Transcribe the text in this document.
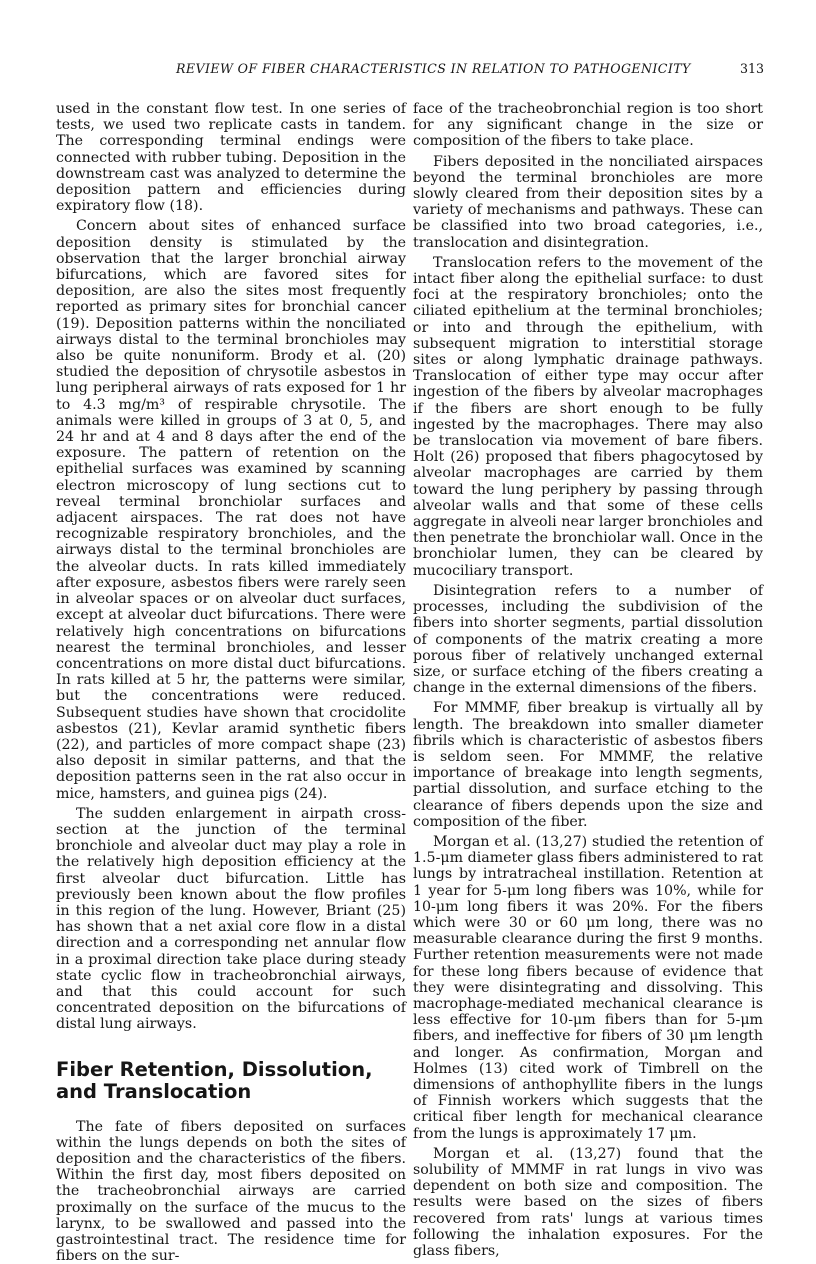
REVIEW OF FIBER CHARACTERISTICS IN RELATION TO PATHOGENICITY	313

used in the constant flow test. In one series of tests, we used two replicate casts in tandem. The corresponding terminal endings were connected with rubber tubing. Deposition in the downstream cast was analyzed to determine the deposition pattern and efficiencies during expiratory flow (18).

Concern about sites of enhanced surface deposition density is stimulated by the observation that the larger bronchial airway bifurcations, which are favored sites for deposition, are also the sites most frequently reported as primary sites for bronchial cancer (19). Deposition patterns within the nonciliated airways distal to the terminal bronchioles may also be quite nonuniform. Brody et al. (20) studied the deposition of chrysotile asbestos in lung peripheral airways of rats exposed for 1 hr to 4.3 mg/m³ of respirable chrysotile. The animals were killed in groups of 3 at 0, 5, and 24 hr and at 4 and 8 days after the end of the exposure. The pattern of retention on the epithelial surfaces was examined by scanning electron microscopy of lung sections cut to reveal terminal bronchiolar surfaces and adjacent airspaces. The rat does not have recognizable respiratory bronchioles, and the airways distal to the terminal bronchioles are the alveolar ducts. In rats killed immediately after exposure, asbestos fibers were rarely seen in alveolar spaces or on alveolar duct surfaces, except at alveolar duct bifurcations. There were relatively high concentrations on bifurcations nearest the terminal bronchioles, and lesser concentrations on more distal duct bifurcations. In rats killed at 5 hr, the patterns were similar, but the concentrations were reduced. Subsequent studies have shown that crocidolite asbestos (21), Kevlar aramid synthetic fibers (22), and particles of more compact shape (23) also deposit in similar patterns, and that the deposition patterns seen in the rat also occur in mice, hamsters, and guinea pigs (24).

The sudden enlargement in airpath cross-section at the junction of the terminal bronchiole and alveolar duct may play a role in the relatively high deposition efficiency at the first alveolar duct bifurcation. Little has previously been known about the flow profiles in this region of the lung. However, Briant (25) has shown that a net axial core flow in a distal direction and a corresponding net annular flow in a proximal direction take place during steady state cyclic flow in tracheobronchial airways, and that this could account for such concentrated deposition on the bifurcations of distal lung airways.

Fiber Retention, Dissolution, and Translocation

The fate of fibers deposited on surfaces within the lungs depends on both the sites of deposition and the characteristics of the fibers. Within the first day, most fibers deposited on the tracheobronchial airways are carried proximally on the surface of the mucus to the larynx, to be swallowed and passed into the gastrointestinal tract. The residence time for fibers on the sur-

face of the tracheobronchial region is too short for any significant change in the size or composition of the fibers to take place.

Fibers deposited in the nonciliated airspaces beyond the terminal bronchioles are more slowly cleared from their deposition sites by a variety of mechanisms and pathways. These can be classified into two broad categories, i.e., translocation and disintegration.

Translocation refers to the movement of the intact fiber along the epithelial surface: to dust foci at the respiratory bronchioles; onto the ciliated epithelium at the terminal bronchioles; or into and through the epithelium, with subsequent migration to interstitial storage sites or along lymphatic drainage pathways. Translocation of either type may occur after ingestion of the fibers by alveolar macrophages if the fibers are short enough to be fully ingested by the macrophages. There may also be translocation via movement of bare fibers. Holt (26) proposed that fibers phagocytosed by alveolar macrophages are carried by them toward the lung periphery by passing through alveolar walls and that some of these cells aggregate in alveoli near larger bronchioles and then penetrate the bronchiolar wall. Once in the bronchiolar lumen, they can be cleared by mucociliary transport.

Disintegration refers to a number of processes, including the subdivision of the fibers into shorter segments, partial dissolution of components of the matrix creating a more porous fiber of relatively unchanged external size, or surface etching of the fibers creating a change in the external dimensions of the fibers.

For MMMF, fiber breakup is virtually all by length. The breakdown into smaller diameter fibrils which is characteristic of asbestos fibers is seldom seen. For MMMF, the relative importance of breakage into length segments, partial dissolution, and surface etching to the clearance of fibers depends upon the size and composition of the fiber.

Morgan et al. (13,27) studied the retention of 1.5-μm diameter glass fibers administered to rat lungs by intratracheal instillation. Retention at 1 year for 5-μm long fibers was 10%, while for 10-μm long fibers it was 20%. For the fibers which were 30 or 60 μm long, there was no measurable clearance during the first 9 months. Further retention measurements were not made for these long fibers because of evidence that they were disintegrating and dissolving. This macrophage-mediated mechanical clearance is less effective for 10-μm fibers than for 5-μm fibers, and ineffective for fibers of 30 μm length and longer. As confirmation, Morgan and Holmes (13) cited work of Timbrell on the dimensions of anthophyllite fibers in the lungs of Finnish workers which suggests that the critical fiber length for mechanical clearance from the lungs is approximately 17 μm.

Morgan et al. (13,27) found that the solubility of MMMF in rat lungs in vivo was dependent on both size and composition. The results were based on the sizes of fibers recovered from rats' lungs at various times following the inhalation exposures. For the glass fibers,
